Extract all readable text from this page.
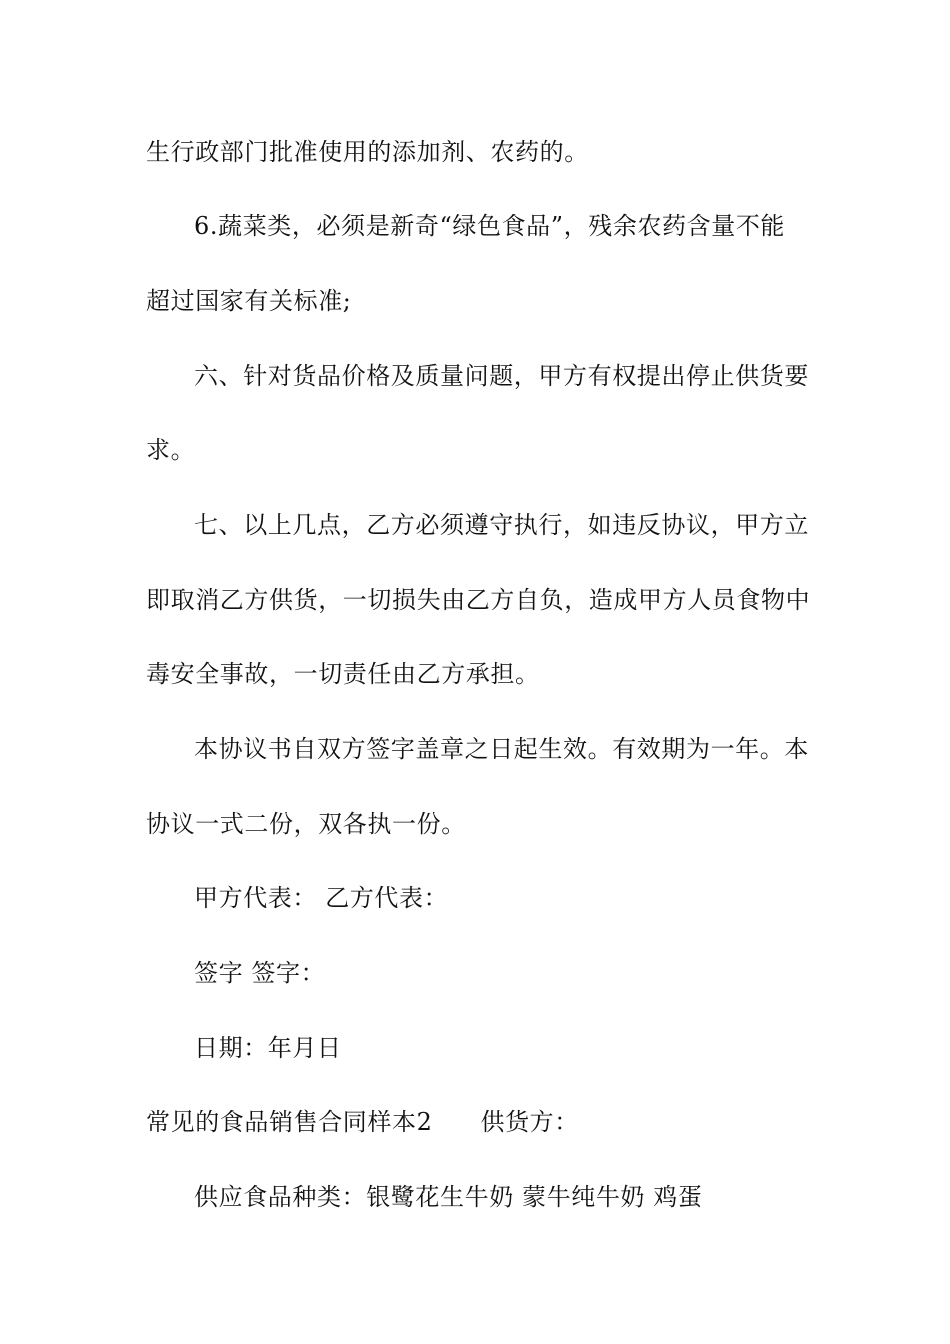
生行政部门批准使用的添加剂、农药的。
6.蔬菜类，必须是新奇“绿色食品”，残余农药含量不能
超过国家有关标准;
六、针对货品价格及质量问题，甲方有权提出停止供货要
求。
七、以上几点，乙方必须遵守执行，如违反协议，甲方立
即取消乙方供货，一切损失由乙方自负，造成甲方人员食物中
毒安全事故，一切责任由乙方承担。
本协议书自双方签字盖章之日起生效。有效期为一年。本
协议一式二份，双各执一份。
甲方代表： 乙方代表：
签字 签字：
日期：年月日
常见的食品销售合同样本2 供货方：
供应食品种类：银鹭花生牛奶 蒙牛纯牛奶 鸡蛋
